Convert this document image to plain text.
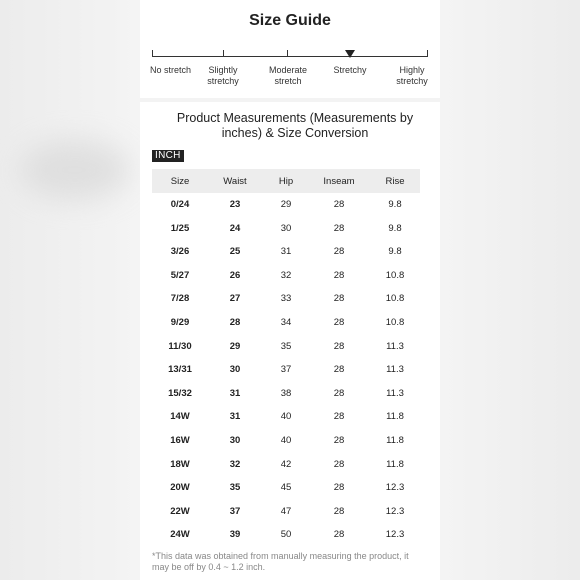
Size Guide
No stretch	Slightly stretchy
Moderate stretch
Stretchy	Highly stretchy
Product Measurements (Measurements by inches) & Size Conversion
INCH
Size	Waist	Hip	Inseam	Rise
0/24	23	29	28	9.8
1/25	24	30	28	9.8
3/26	25	31	28	9.8
5/27	26	32	28	10.8
7/28	27	33	28	10.8
9/29	28	34	28	10.8
11/30	29	35	28	11.3
13/31	30	37	28	11.3
15/32	31	38	28	11.3
14W	31	40	28	11.8
16W	30	40	28	11.8
18W	32	42	28	11.8
20W	35	45	28	12.3
22W	37	47	28	12.3
24W	39	50	28	12.3
*This data was obtained from manually measuring the product, it may be off by 0.4 ~ 1.2 inch.
